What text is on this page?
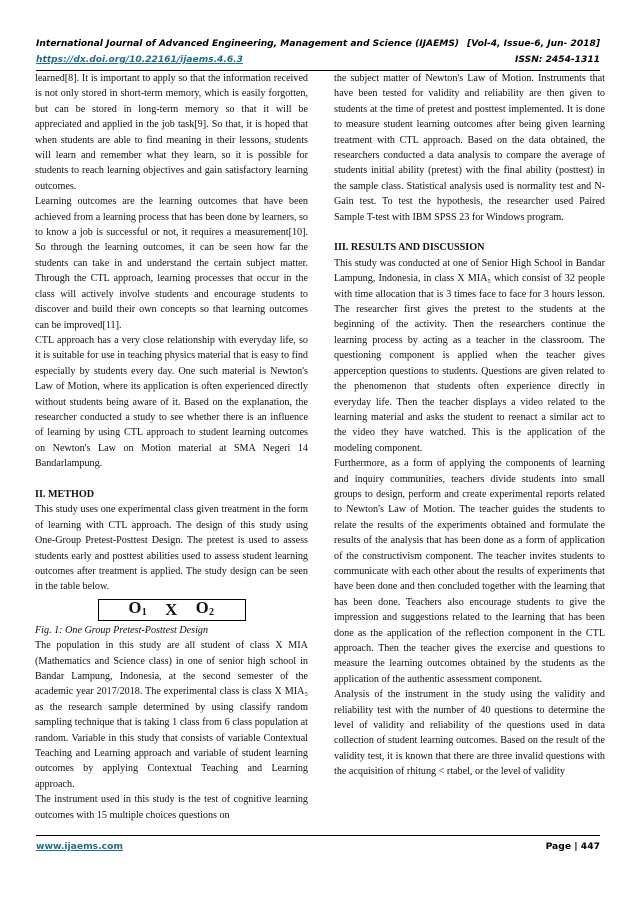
International Journal of Advanced Engineering, Management and Science (IJAEMS) [Vol-4, Issue-6, Jun- 2018]
https://dx.doi.org/10.22161/ijaems.4.6.3	ISSN: 2454-1311

learned[8]. It is important to apply so that the information received is not only stored in short-term memory, which is easily forgotten, but can be stored in long-term memory so that it will be appreciated and applied in the job task[9]. So that, it is hoped that when students are able to find meaning in their lessons, students will learn and remember what they learn, so it is possible for students to reach learning objectives and gain satisfactory learning outcomes.

Learning outcomes are the learning outcomes that have been achieved from a learning process that has been done by learners, so to know a job is successful or not, it requires a measurement[10]. So through the learning outcomes, it can be seen how far the students can take in and understand the certain subject matter. Through the CTL approach, learning processes that occur in the class will actively involve students and encourage students to discover and build their own concepts so that learning outcomes can be improved[11].

CTL approach has a very close relationship with everyday life, so it is suitable for use in teaching physics material that is easy to find especially by students every day. One such material is Newton's Law of Motion, where its application is often experienced directly without students being aware of it. Based on the explanation, the researcher conducted a study to see whether there is an influence of learning by using CTL approach to student learning outcomes on Newton's Law on Motion material at SMA Negeri 14 Bandarlampung.

II. METHOD

This study uses one experimental class given treatment in the form of learning with CTL approach. The design of this study using One-Group Pretest-Posttest Design. The pretest is used to assess students early and posttest abilities used to assess student learning outcomes after treatment is applied. The study design can be seen in the table below.

$O_1$ X $O_2$

Fig. 1: One Group Pretest-Posttest Design

The population in this study are all student of class X MIA (Mathematics and Science class) in one of senior high school in Bandar Lampung, Indonesia, at the second semester of the academic year 2017/2018. The experimental class is class X MIA₅ as the research sample determined by using classify random sampling technique that is taking 1 class from 6 class population at random. Variable in this study that consists of variable Contextual Teaching and Learning approach and variable of student learning outcomes by applying Contextual Teaching and Learning approach.

The instrument used in this study is the test of cognitive learning outcomes with 15 multiple choices questions on

the subject matter of Newton's Law of Motion. Instruments that have been tested for validity and reliability are then given to students at the time of pretest and posttest implemented. It is done to measure student learning outcomes after being given learning treatment with CTL approach. Based on the data obtained, the researchers conducted a data analysis to compare the average of students initial ability (pretest) with the final ability (posttest) in the sample class. Statistical analysis used is normality test and N-Gain test. To test the hypothesis, the researcher used Paired Sample T-test with IBM SPSS 23 for Windows program.

III. RESULTS AND DISCUSSION

This study was conducted at one of Senior High School in Bandar Lampung, Indonesia, in class X MIA₅ which consist of 32 people with time allocation that is 3 times face to face for 3 hours lesson. The researcher first gives the pretest to the students at the beginning of the activity. Then the researchers continue the learning process by acting as a teacher in the classroom. The questioning component is applied when the teacher gives apperception questions to students. Questions are given related to the phenomenon that students often experience directly in everyday life. Then the teacher displays a video related to the learning material and asks the student to reenact a similar act to the video they have watched. This is the application of the modeling component.

Furthermore, as a form of applying the components of learning and inquiry communities, teachers divide students into small groups to design, perform and create experimental reports related to Newton's Law of Motion. The teacher guides the students to relate the results of the experiments obtained and formulate the results of the analysis that has been done as a form of application of the constructivism component. The teacher invites students to communicate with each other about the results of experiments that have been done and then concluded together with the learning that has been done. Teachers also encourage students to give the impression and suggestions related to the learning that has been done as the application of the reflection component in the CTL approach. Then the teacher gives the exercise and questions to measure the learning outcomes obtained by the students as the application of the authentic assessment component.

Analysis of the instrument in the study using the validity and reliability test with the number of 40 questions to determine the level of validity and reliability of the questions used in data collection of student learning outcomes. Based on the result of the validity test, it is known that there are three invalid questions with the acquisition of rhitung < rtabel, or the level of validity

www.ijaems.com	Page | 447
